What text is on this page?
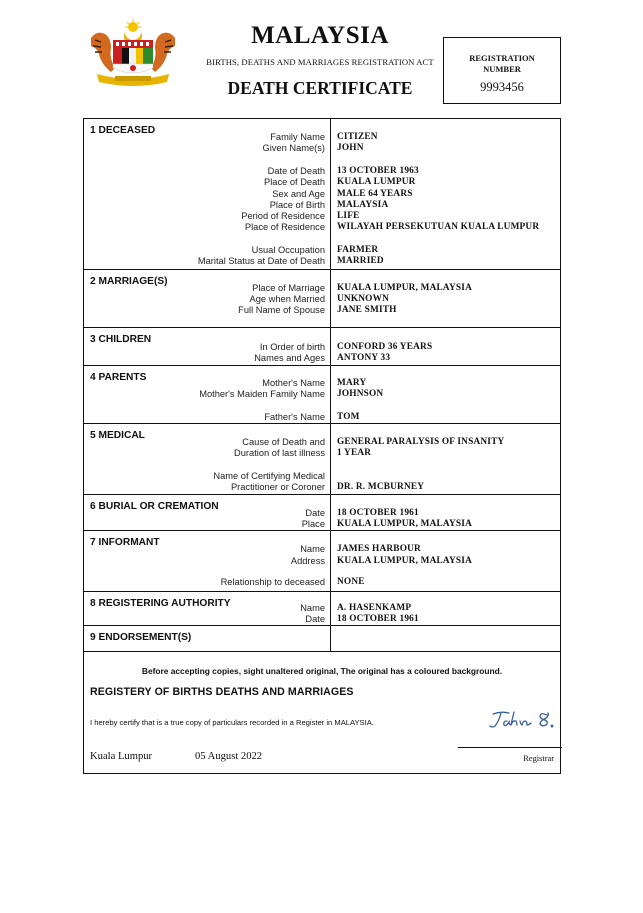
MALAYSIA
BIRTHS, DEATHS AND MARRIAGES REGISTRATION ACT
DEATH CERTIFICATE
REGISTRATION
NUMBER
9993456
1 DECEASED
Family Name CITIZEN
Given Name(s) JOHN
Date of Death 13 OCTOBER 1963
Place of Death KUALA LUMPUR
Sex and Age MALE 64 YEARS
Place of Birth MALAYSIA
Period of Residence LIFE
Place of Residence WILAYAH PERSEKUTUAN KUALA LUMPUR
Usual Occupation FARMER
Marital Status at Date of Death MARRIED
2 MARRIAGE(S)
Place of Marriage KUALA LUMPUR, MALAYSIA
Age when Married UNKNOWN
Full Name of Spouse JANE SMITH
3 CHILDREN
In Order of birth CONFORD 36 YEARS
Names and Ages ANTONY 33
4 PARENTS	Mother's Name MARY
Mother's Maiden Family Name JOHNSON
Father's Name TOM
5 MEDICAL
Cause of Death and GENERAL PARALYSIS OF INSANITY
Duration of last illness 1 YEAR
Name of Certifying Medical
Practitioner or Coroner DR. R. MCBURNEY
6 BURIAL OR CREMATION
Date 18 OCTOBER 1961
Place KUALA LUMPUR, MALAYSIA
7 INFORMANT
Name JAMES HARBOUR
Address KUALA LUMPUR, MALAYSIA
Relationship to deceased NONE
8 REGISTERING AUTHORITY	Name A. HASENKAMP
Date 18 OCTOBER 1961
9 ENDORSEMENT(S)
Before accepting copies, sight unaltered original, The original has a coloured background.
REGISTERY OF BIRTHS DEATHS AND MARRIAGES
I hereby certify that is a true copy of particulars recorded in a Register in MALAYSIA.
Kuala Lumpur	05 August 2022	Registrar
